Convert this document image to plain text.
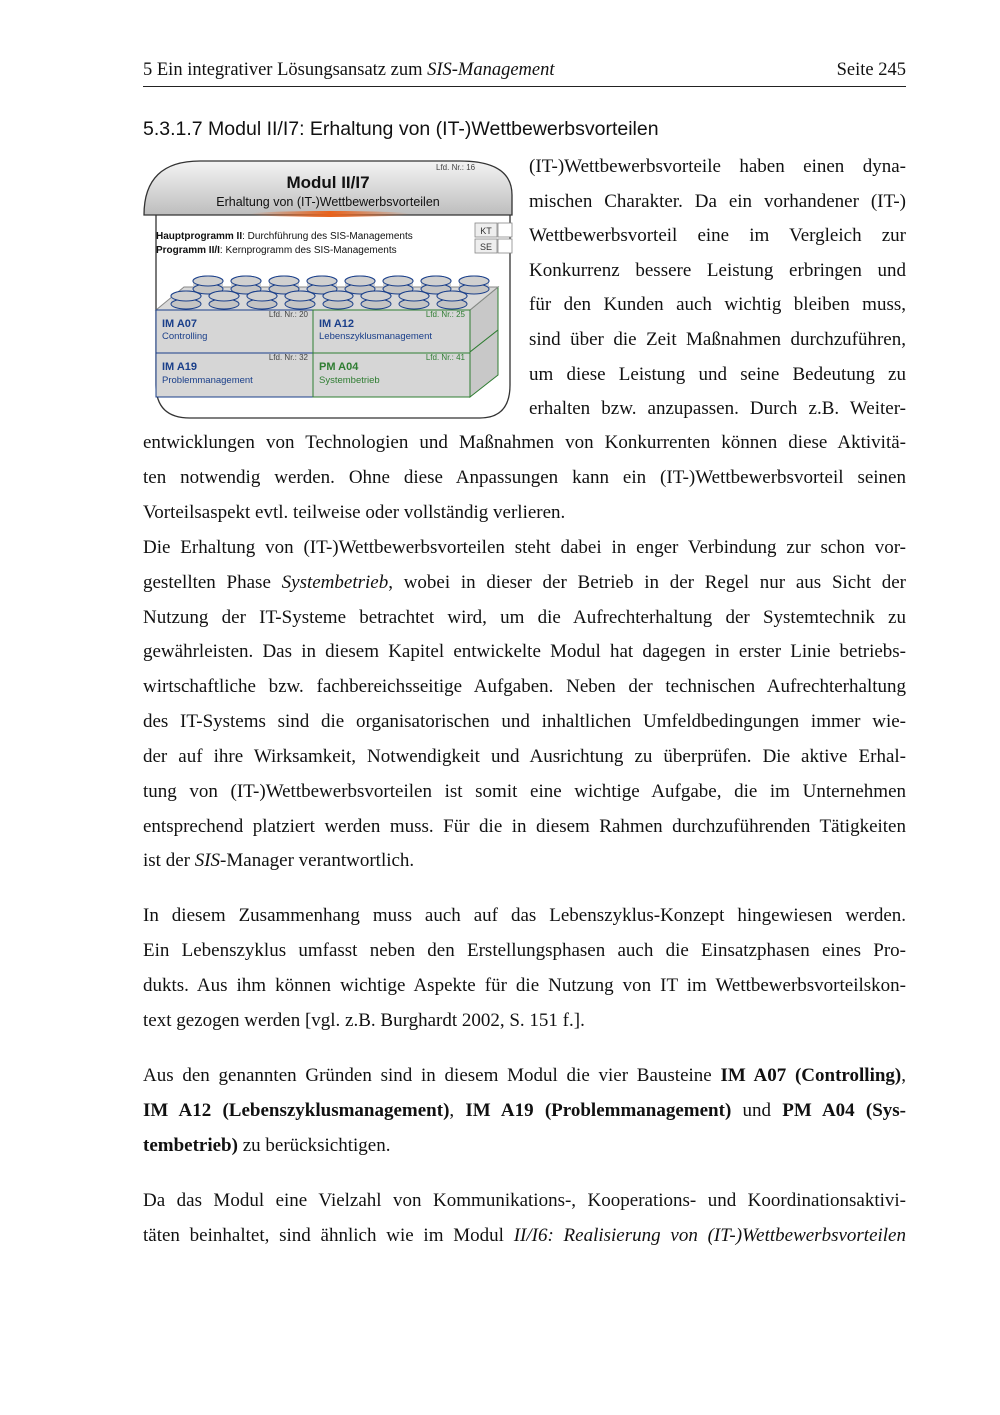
5 Ein integrativer Lösungsansatz zum SIS-Management	Seite 245
5.3.1.7 Modul II/I7: Erhaltung von (IT-)Wettbewerbsvorteilen
Lfd. Nr.: 16
Modul II/I7
Erhaltung von (IT-)Wettbewerbsvorteilen
Hauptprogramm II: Durchführung des SIS-Managements
Programm II/I: Kernprogramm des SIS-Managements
KT
SE
Lfd. Nr.: 20
IM A07
Controlling
Lfd. Nr.: 25
IM A12
Lebenszyklusmanagement
Lfd. Nr.: 32
IM A19
Problemmanagement
Lfd. Nr.: 41
PM A04
Systembetrieb
(IT-)Wettbewerbsvorteile haben einen dyna-
mischen Charakter. Da ein vorhandener (IT-)
Wettbewerbsvorteil eine im Vergleich zur
Konkurrenz bessere Leistung erbringen und
für den Kunden auch wichtig bleiben muss,
sind über die Zeit Maßnahmen durchzuführen,
um diese Leistung und seine Bedeutung zu
erhalten bzw. anzupassen. Durch z.B. Weiter-
entwicklungen von Technologien und Maßnahmen von Konkurrenten können diese Aktivitä-
ten notwendig werden. Ohne diese Anpassungen kann ein (IT-)Wettbewerbsvorteil seinen
Vorteilsaspekt evtl. teilweise oder vollständig verlieren.
Die Erhaltung von (IT-)Wettbewerbsvorteilen steht dabei in enger Verbindung zur schon vor-
gestellten Phase Systembetrieb, wobei in dieser der Betrieb in der Regel nur aus Sicht der
Nutzung der IT-Systeme betrachtet wird, um die Aufrechterhaltung der Systemtechnik zu
gewährleisten. Das in diesem Kapitel entwickelte Modul hat dagegen in erster Linie betriebs-
wirtschaftliche bzw. fachbereichsseitige Aufgaben. Neben der technischen Aufrechterhaltung
des IT-Systems sind die organisatorischen und inhaltlichen Umfeldbedingungen immer wie-
der auf ihre Wirksamkeit, Notwendigkeit und Ausrichtung zu überprüfen. Die aktive Erhal-
tung von (IT-)Wettbewerbsvorteilen ist somit eine wichtige Aufgabe, die im Unternehmen
entsprechend platziert werden muss. Für die in diesem Rahmen durchzuführenden Tätigkeiten
ist der SIS-Manager verantwortlich.
In diesem Zusammenhang muss auch auf das Lebenszyklus-Konzept hingewiesen werden.
Ein Lebenszyklus umfasst neben den Erstellungsphasen auch die Einsatzphasen eines Pro-
dukts. Aus ihm können wichtige Aspekte für die Nutzung von IT im Wettbewerbsvorteilskon-
text gezogen werden [vgl. z.B. Burghardt 2002, S. 151 f.].
Aus den genannten Gründen sind in diesem Modul die vier Bausteine IM A07 (Controlling),
IM A12 (Lebenszyklusmanagement), IM A19 (Problemmanagement) und PM A04 (Sys-
tembetrieb) zu berücksichtigen.
Da das Modul eine Vielzahl von Kommunikations-, Kooperations- und Koordinationsaktivi-
täten beinhaltet, sind ähnlich wie im Modul II/I6: Realisierung von (IT-)Wettbewerbsvorteilen
